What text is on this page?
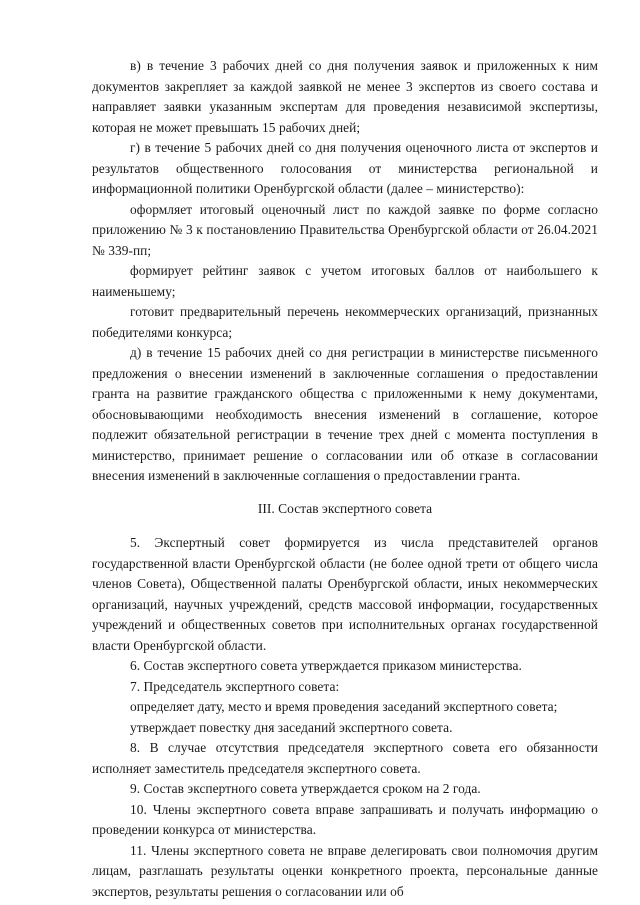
в) в течение 3 рабочих дней со дня получения заявок и приложенных к ним документов закрепляет за каждой заявкой не менее 3 экспертов из своего состава и направляет заявки указанным экспертам для проведения независимой экспертизы, которая не может превышать 15 рабочих дней;

г) в течение 5 рабочих дней со дня получения оценочного листа от экспертов и результатов общественного голосования от министерства региональной и информационной политики Оренбургской области (далее – министерство):

оформляет итоговый оценочный лист по каждой заявке по форме согласно приложению № 3 к постановлению Правительства Оренбургской области от 26.04.2021 № 339-пп;

формирует рейтинг заявок с учетом итоговых баллов от наибольшего к наименьшему;

готовит предварительный перечень некоммерческих организаций, признанных победителями конкурса;

д) в течение 15 рабочих дней со дня регистрации в министерстве письменного предложения о внесении изменений в заключенные соглашения о предоставлении гранта на развитие гражданского общества с приложенными к нему документами, обосновывающими необходимость внесения изменений в соглашение, которое подлежит обязательной регистрации в течение трех дней с момента поступления в министерство, принимает решение о согласовании или об отказе в согласовании внесения изменений в заключенные соглашения о предоставлении гранта.

III. Состав экспертного совета

5. Экспертный совет формируется из числа представителей органов государственной власти Оренбургской области (не более одной трети от общего числа членов Совета), Общественной палаты Оренбургской области, иных некоммерческих организаций, научных учреждений, средств массовой информации, государственных учреждений и общественных советов при исполнительных органах государственной власти Оренбургской области.

6. Состав экспертного совета утверждается приказом министерства.

7. Председатель экспертного совета:

определяет дату, место и время проведения заседаний экспертного совета;

утверждает повестку дня заседаний экспертного совета.

8. В случае отсутствия председателя экспертного совета его обязанности исполняет заместитель председателя экспертного совета.

9. Состав экспертного совета утверждается сроком на 2 года.

10. Члены экспертного совета вправе запрашивать и получать информацию о проведении конкурса от министерства.

11. Члены экспертного совета не вправе делегировать свои полномочия другим лицам, разглашать результаты оценки конкретного проекта, персональные данные экспертов, результаты решения о согласовании или об
